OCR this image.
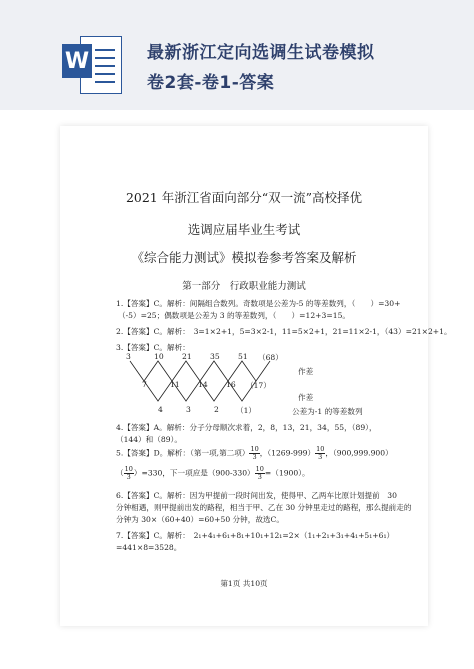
W	最新浙江定向选调生试卷模拟
卷2套-卷1-答案
2021 年浙江省面向部分“双一流”高校择优
选调应届毕业生考试
《综合能力测试》模拟卷参考答案及解析
第一部分　行政职业能力测试
1.【答案】C。解析：间隔组合数列。奇数项是公差为-5 的等差数列，（　　）=30+
（-5）=25；偶数项是公差为 3 的等差数列，（　　）=12+3=15。
2.【答案】C。解析：　3=1×2+1，5=3×2-1，11=5×2+1，21=11×2-1，（43）=21×2+1。
3.【答案】C。解析：
3	10 21 35 51 （68）
7	11 14 16 （17）
4	3	2 （1）
作差
作差
公差为-1 的等差数列
4.【答案】A。解析：分子分母顺次求着，2，8，13，21，34，55，（89），
（144）和（89）。
5.【答案】D。解析：（第一项,第二项） $\frac{10}{3}$ ，$(1269-999) \frac{10}{3}$ ，（900,999.900）
（ $\frac{10}{3} )=330$，下一项应是$(900-330) \frac{10}{3} =(1900)$。
6.【答案】C。解析：因为甲提前一段时间出发，使得甲、乙两车比原计划提前　30
分钟相遇，则甲提前出发的路程，相当于甲、乙在 30 分钟里走过的路程，那么提前走的
分钟为 30×（60+40）=60+50 分钟，故选C。
7.【答案】C。解析：　2₁+4₁+6₁+8₁+10₁+12₁=2×（1₁+2₁+3₁+4₁+5₁+6₁）
=441×8=3528。
第1页 共10页
